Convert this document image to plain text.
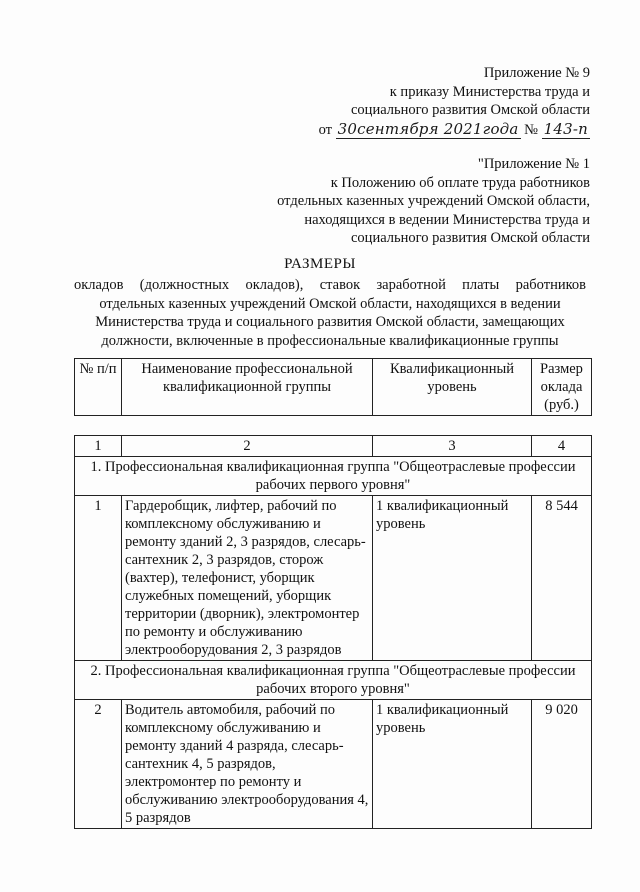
Приложение № 9
к приказу Министерства труда и
социального развития Омской области
от 30сентября 2021года № 143-п
"Приложение № 1
к Положению об оплате труда работников
отдельных казенных учреждений Омской области,
находящихся в ведении Министерства труда и
социального развития Омской области
РАЗМЕРЫ
окладов (должностных окладов), ставок заработной платы работников
отдельных казенных учреждений Омской области, находящихся в ведении
Министерства труда и социального развития Омской области, замещающих
должности, включенные в профессиональные квалификационные группы
№ п/п	Наименование профессиональной квалификационной группы	Квалификационный уровень	Размер оклада (руб.)
1	2	3	4
1. Профессиональная квалификационная группа "Общеотраслевые профессии рабочих первого уровня"			
1	Гардеробщик, лифтер, рабочий по комплексному обслуживанию и ремонту зданий 2, 3 разрядов, слесарь-сантехник 2, 3 разрядов, сторож (вахтер), телефонист, уборщик служебных помещений, уборщик территории (дворник), электромонтер по ремонту и обслуживанию электрооборудования 2, 3 разрядов	1 квалификационный уровень	8 544
2. Профессиональная квалификационная группа "Общеотраслевые профессии рабочих второго уровня"			
2	Водитель автомобиля, рабочий по комплексному обслуживанию и ремонту зданий 4 разряда, слесарь-сантехник 4, 5 разрядов, электромонтер по ремонту и обслуживанию электрооборудования 4, 5 разрядов	1 квалификационный уровень	9 020
